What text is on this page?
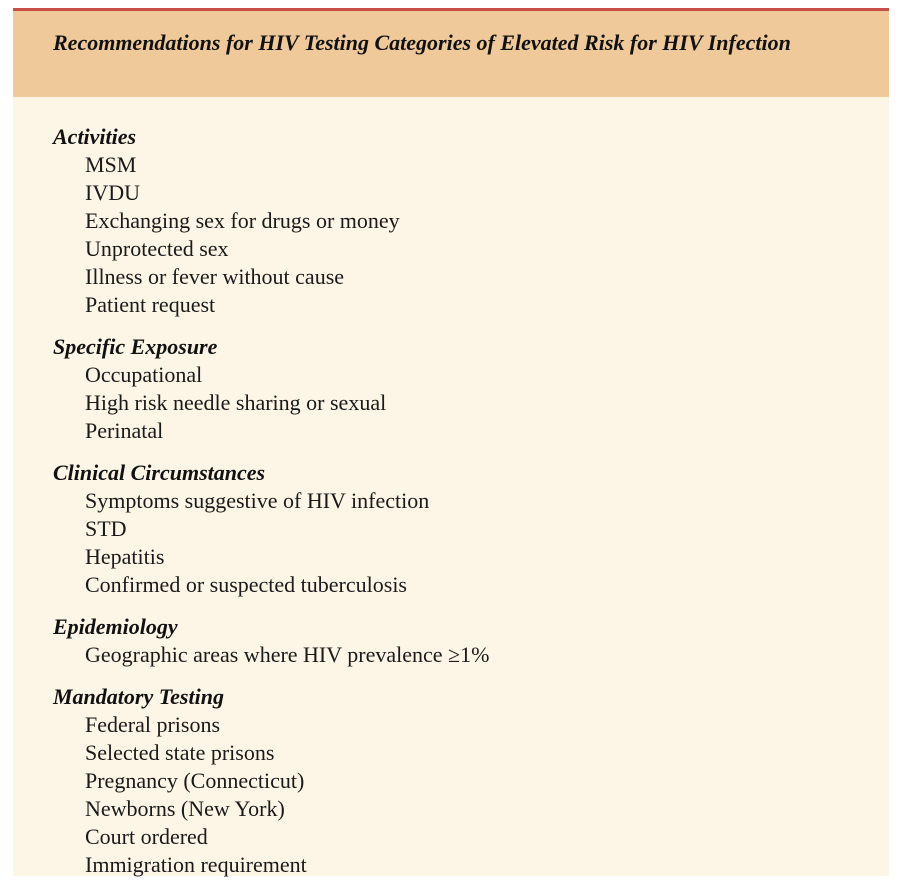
Recommendations for HIV Testing Categories of Elevated Risk for HIV Infection
Activities
MSM
IVDU
Exchanging sex for drugs or money
Unprotected sex
Illness or fever without cause
Patient request
Specific Exposure
Occupational
High risk needle sharing or sexual
Perinatal
Clinical Circumstances
Symptoms suggestive of HIV infection
STD
Hepatitis
Confirmed or suspected tuberculosis
Epidemiology
Geographic areas where HIV prevalence ≥1%
Mandatory Testing
Federal prisons
Selected state prisons
Pregnancy (Connecticut)
Newborns (New York)
Court ordered
Immigration requirement
